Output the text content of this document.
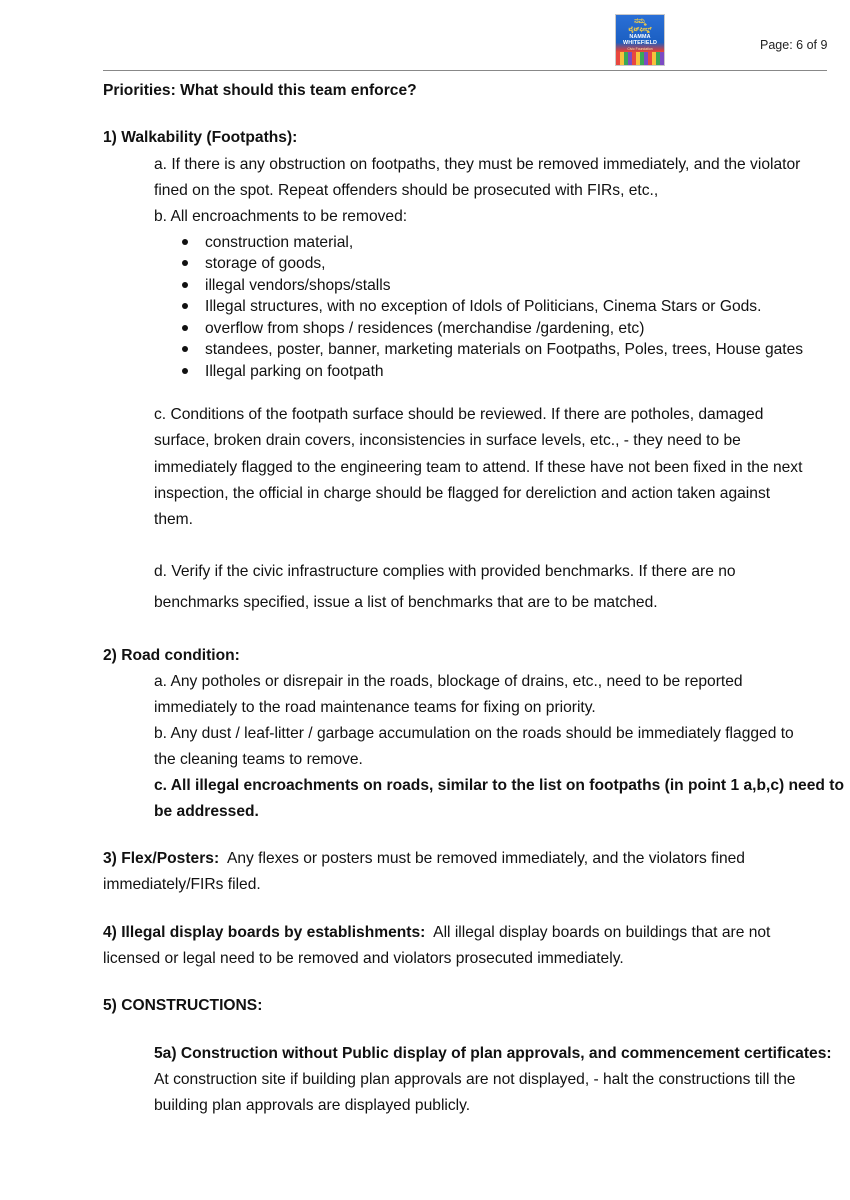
ನಮ್ಮ
ವೈಟ್‌ಫೀಲ್ಡ್
NAMMA
WHITEFIELD
Civic Foundation	Page: 6 of 9
Priorities: What should this team enforce?
1) Walkability (Footpaths):
a. If there is any obstruction on footpaths, they must be removed immediately, and the violator
fined on the spot. Repeat offenders should be prosecuted with FIRs, etc.,
b. All encroachments to be removed:
construction material,
storage of goods,
illegal vendors/shops/stalls
Illegal structures, with no exception of Idols of Politicians, Cinema Stars or Gods.
overflow from shops / residences (merchandise /gardening, etc)
standees, poster, banner, marketing materials on Footpaths, Poles, trees, House gates
Illegal parking on footpath
c. Conditions of the footpath surface should be reviewed. If there are potholes, damaged
surface, broken drain covers, inconsistencies in surface levels, etc., - they need to be
immediately flagged to the engineering team to attend. If these have not been fixed in the next
inspection, the official in charge should be flagged for dereliction and action taken against
them.
d. Verify if the civic infrastructure complies with provided benchmarks. If there are no
benchmarks specified, issue a list of benchmarks that are to be matched.
2) Road condition:
a. Any potholes or disrepair in the roads, blockage of drains, etc., need to be reported
immediately to the road maintenance teams for fixing on priority.
b. Any dust / leaf-litter / garbage accumulation on the roads should be immediately flagged to
the cleaning teams to remove.
c. All illegal encroachments on roads, similar to the list on footpaths (in point 1 a,b,c) need to
be addressed.
3) Flex/Posters:  Any flexes or posters must be removed immediately, and the violators fined
immediately/FIRs filed.
4) Illegal display boards by establishments:  All illegal display boards on buildings that are not
licensed or legal need to be removed and violators prosecuted immediately.
5) CONSTRUCTIONS:
5a) Construction without Public display of plan approvals, and commencement certificates:
At construction site if building plan approvals are not displayed, - halt the constructions till the
building plan approvals are displayed publicly.
